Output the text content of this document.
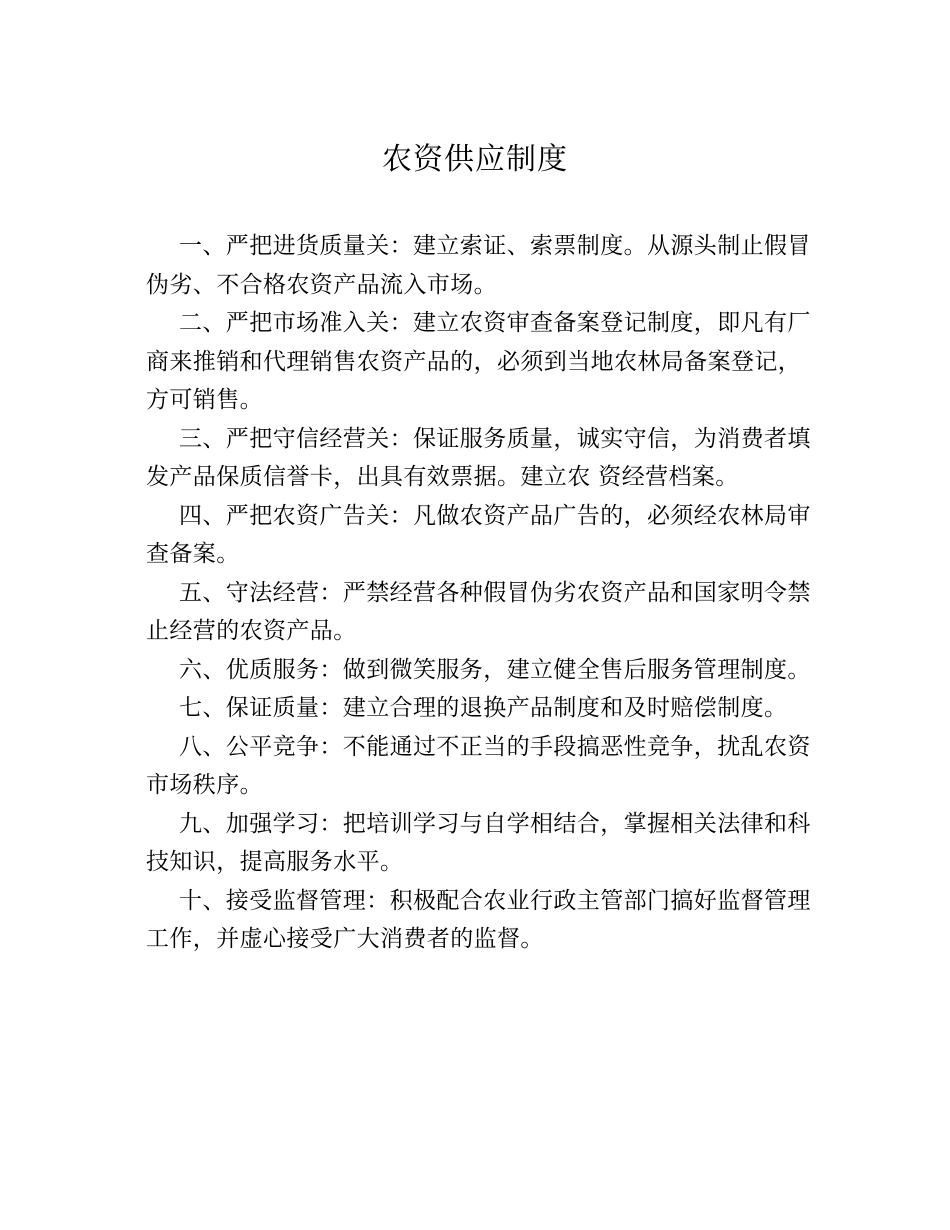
农资供应制度

一、严把进货质量关：建立索证、索票制度。从源头制止假冒伪劣、不合格农资产品流入市场。

二、严把市场准入关：建立农资审查备案登记制度，即凡有厂商来推销和代理销售农资产品的，必须到当地农林局备案登记，方可销售。

三、严把守信经营关：保证服务质量，诚实守信，为消费者填发产品保质信誉卡，出具有效票据。建立农 资经营档案。

四、严把农资广告关：凡做农资产品广告的，必须经农林局审查备案。

五、守法经营：严禁经营各种假冒伪劣农资产品和国家明令禁止经营的农资产品。

六、优质服务：做到微笑服务，建立健全售后服务管理制度。

七、保证质量：建立合理的退换产品制度和及时赔偿制度。

八、公平竞争：不能通过不正当的手段搞恶性竞争，扰乱农资市场秩序。

九、加强学习：把培训学习与自学相结合，掌握相关法律和科技知识，提高服务水平。

十、接受监督管理：积极配合农业行政主管部门搞好监督管理工作，并虚心接受广大消费者的监督。
